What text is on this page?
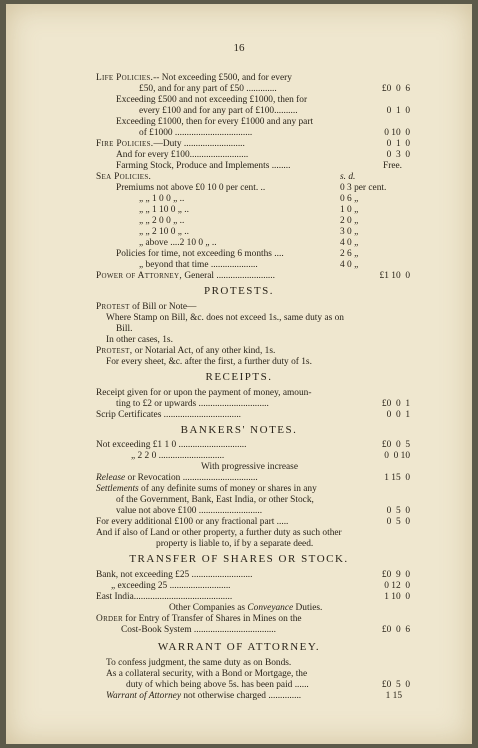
16
Life Policies.-- Not exceeding £500, and for every
£50, and for any part of £50 .............	£0  0  6
Exceeding £500 and not exceeding £1000, then for
every £100 and for any part of £100..........	0  1  0
Exceeding £1000, then for every £1000 and any part
of £1000 .................................	0 10  0
Fire Policies.—Duty ..........................	0  1  0
And for every £100.........................	0  3  0
Farming Stock, Produce and Implements ........	Free.
Sea Policies.	s. d.
Premiums not above £0 10 0 per cent. ..	0 3 per cent.
„ „ 1 0 0 „ ..	0 6 „
„ „ 1 10 0 „ ..	1 0 „
„ „ 2 0 0 „ ..	2 0 „
„ „ 2 10 0 „ ..	3 0 „
„ above ....2 10 0 „ ..	4 0 „
Policies for time, not exceeding 6 months ....	2 6 „
„ beyond that time ....................	4 0 „
Power of Attorney, General .........................	£1 10  0
PROTESTS.
Protest of Bill or Note—
Where Stamp on Bill, &c. does not exceed 1s., same duty as on
Bill.
In other cases, 1s.
Protest, or Notarial Act, of any other kind, 1s.
For every sheet, &c. after the first, a further duty of 1s.
RECEIPTS.
Receipt given for or upon the payment of money, amoun-
ting to £2 or upwards ..............................	£0  0  1
Scrip Certificates .................................	0  0  1
BANKERS' NOTES.
Not exceeding £1 1 0 .............................	£0  0  5
„ 2 2 0 ............................	0  0 10
With progressive increase
Release or Revocation ................................	1 15  0
Settlements of any definite sums of money or shares in any
of the Government, Bank, East India, or other Stock,
value not above £100 ...........................	0  5  0
For every additional £100 or any fractional part .....	0  5  0
And if also of Land or other property, a further duty as such other
property is liable to, if by a separate deed.
TRANSFER OF SHARES OR STOCK.
Bank, not exceeding £25 ..........................	£0  9  0
„ exceeding 25 ..........................	0 12  0
East India..........................................	1 10  0
Other Companies as Conveyance Duties.
Order for Entry of Transfer of Shares in Mines on the
Cost-Book System ...................................	£0  0  6
WARRANT OF ATTORNEY.
To confess judgment, the same duty as on Bonds.
As a collateral security, with a Bond or Mortgage, the
duty of which being above 5s. has been paid ......	£0  5  0
Warrant of Attorney not otherwise charged ..............	1 15
